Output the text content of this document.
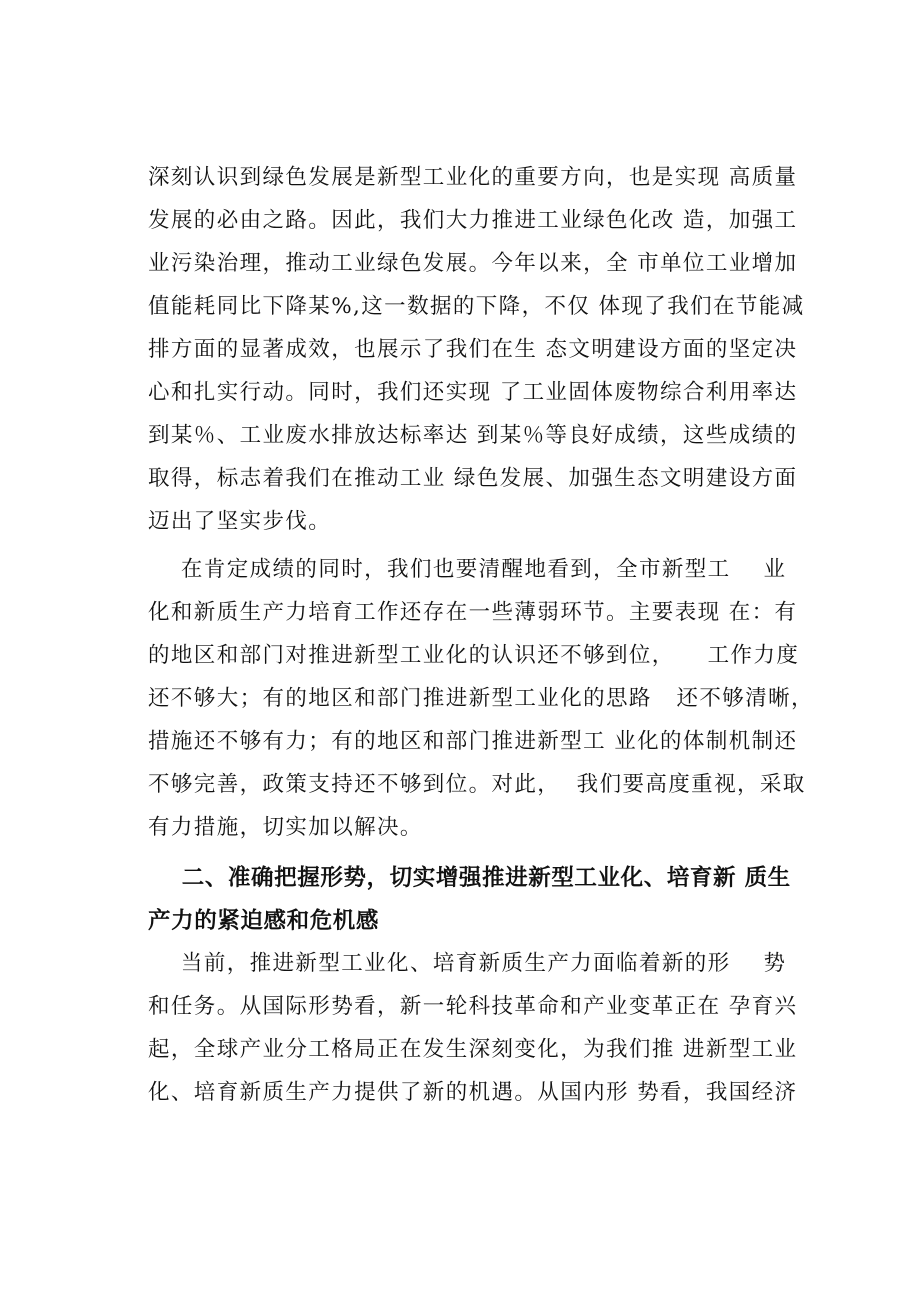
深刻认识到绿色发展是新型工业化的重要方向，也是实现 高质量
发展的必由之路。因此，我们大力推进工业绿色化改 造，加强工
业污染治理，推动工业绿色发展。今年以来，全 市单位工业增加
值能耗同比下降某%,这一数据的下降，不仅 体现了我们在节能减
排方面的显著成效，也展示了我们在生 态文明建设方面的坚定决
心和扎实行动。同时，我们还实现 了工业固体废物综合利用率达
到某％、工业废水排放达标率达 到某％等良好成绩，这些成绩的
取得，标志着我们在推动工业 绿色发展、加强生态文明建设方面
迈出了坚实步伐。
在肯定成绩的同时，我们也要清醒地看到，全市新型工    业
化和新质生产力培育工作还存在一些薄弱环节。主要表现 在：有
的地区和部门对推进新型工业化的认识还不够到位，    工作力度
还不够大；有的地区和部门推进新型工业化的思路   还不够清晰，
措施还不够有力；有的地区和部门推进新型工 业化的体制机制还
不够完善，政策支持还不够到位。对此，  我们要高度重视，采取
有力措施，切实加以解决。
二、准确把握形势，切实增强推进新型工业化、培育新 质生
产力的紧迫感和危机感
当前，推进新型工业化、培育新质生产力面临着新的形    势
和任务。从国际形势看，新一轮科技革命和产业变革正在 孕育兴
起，全球产业分工格局正在发生深刻变化，为我们推 进新型工业
化、培育新质生产力提供了新的机遇。从国内形 势看，我国经济
